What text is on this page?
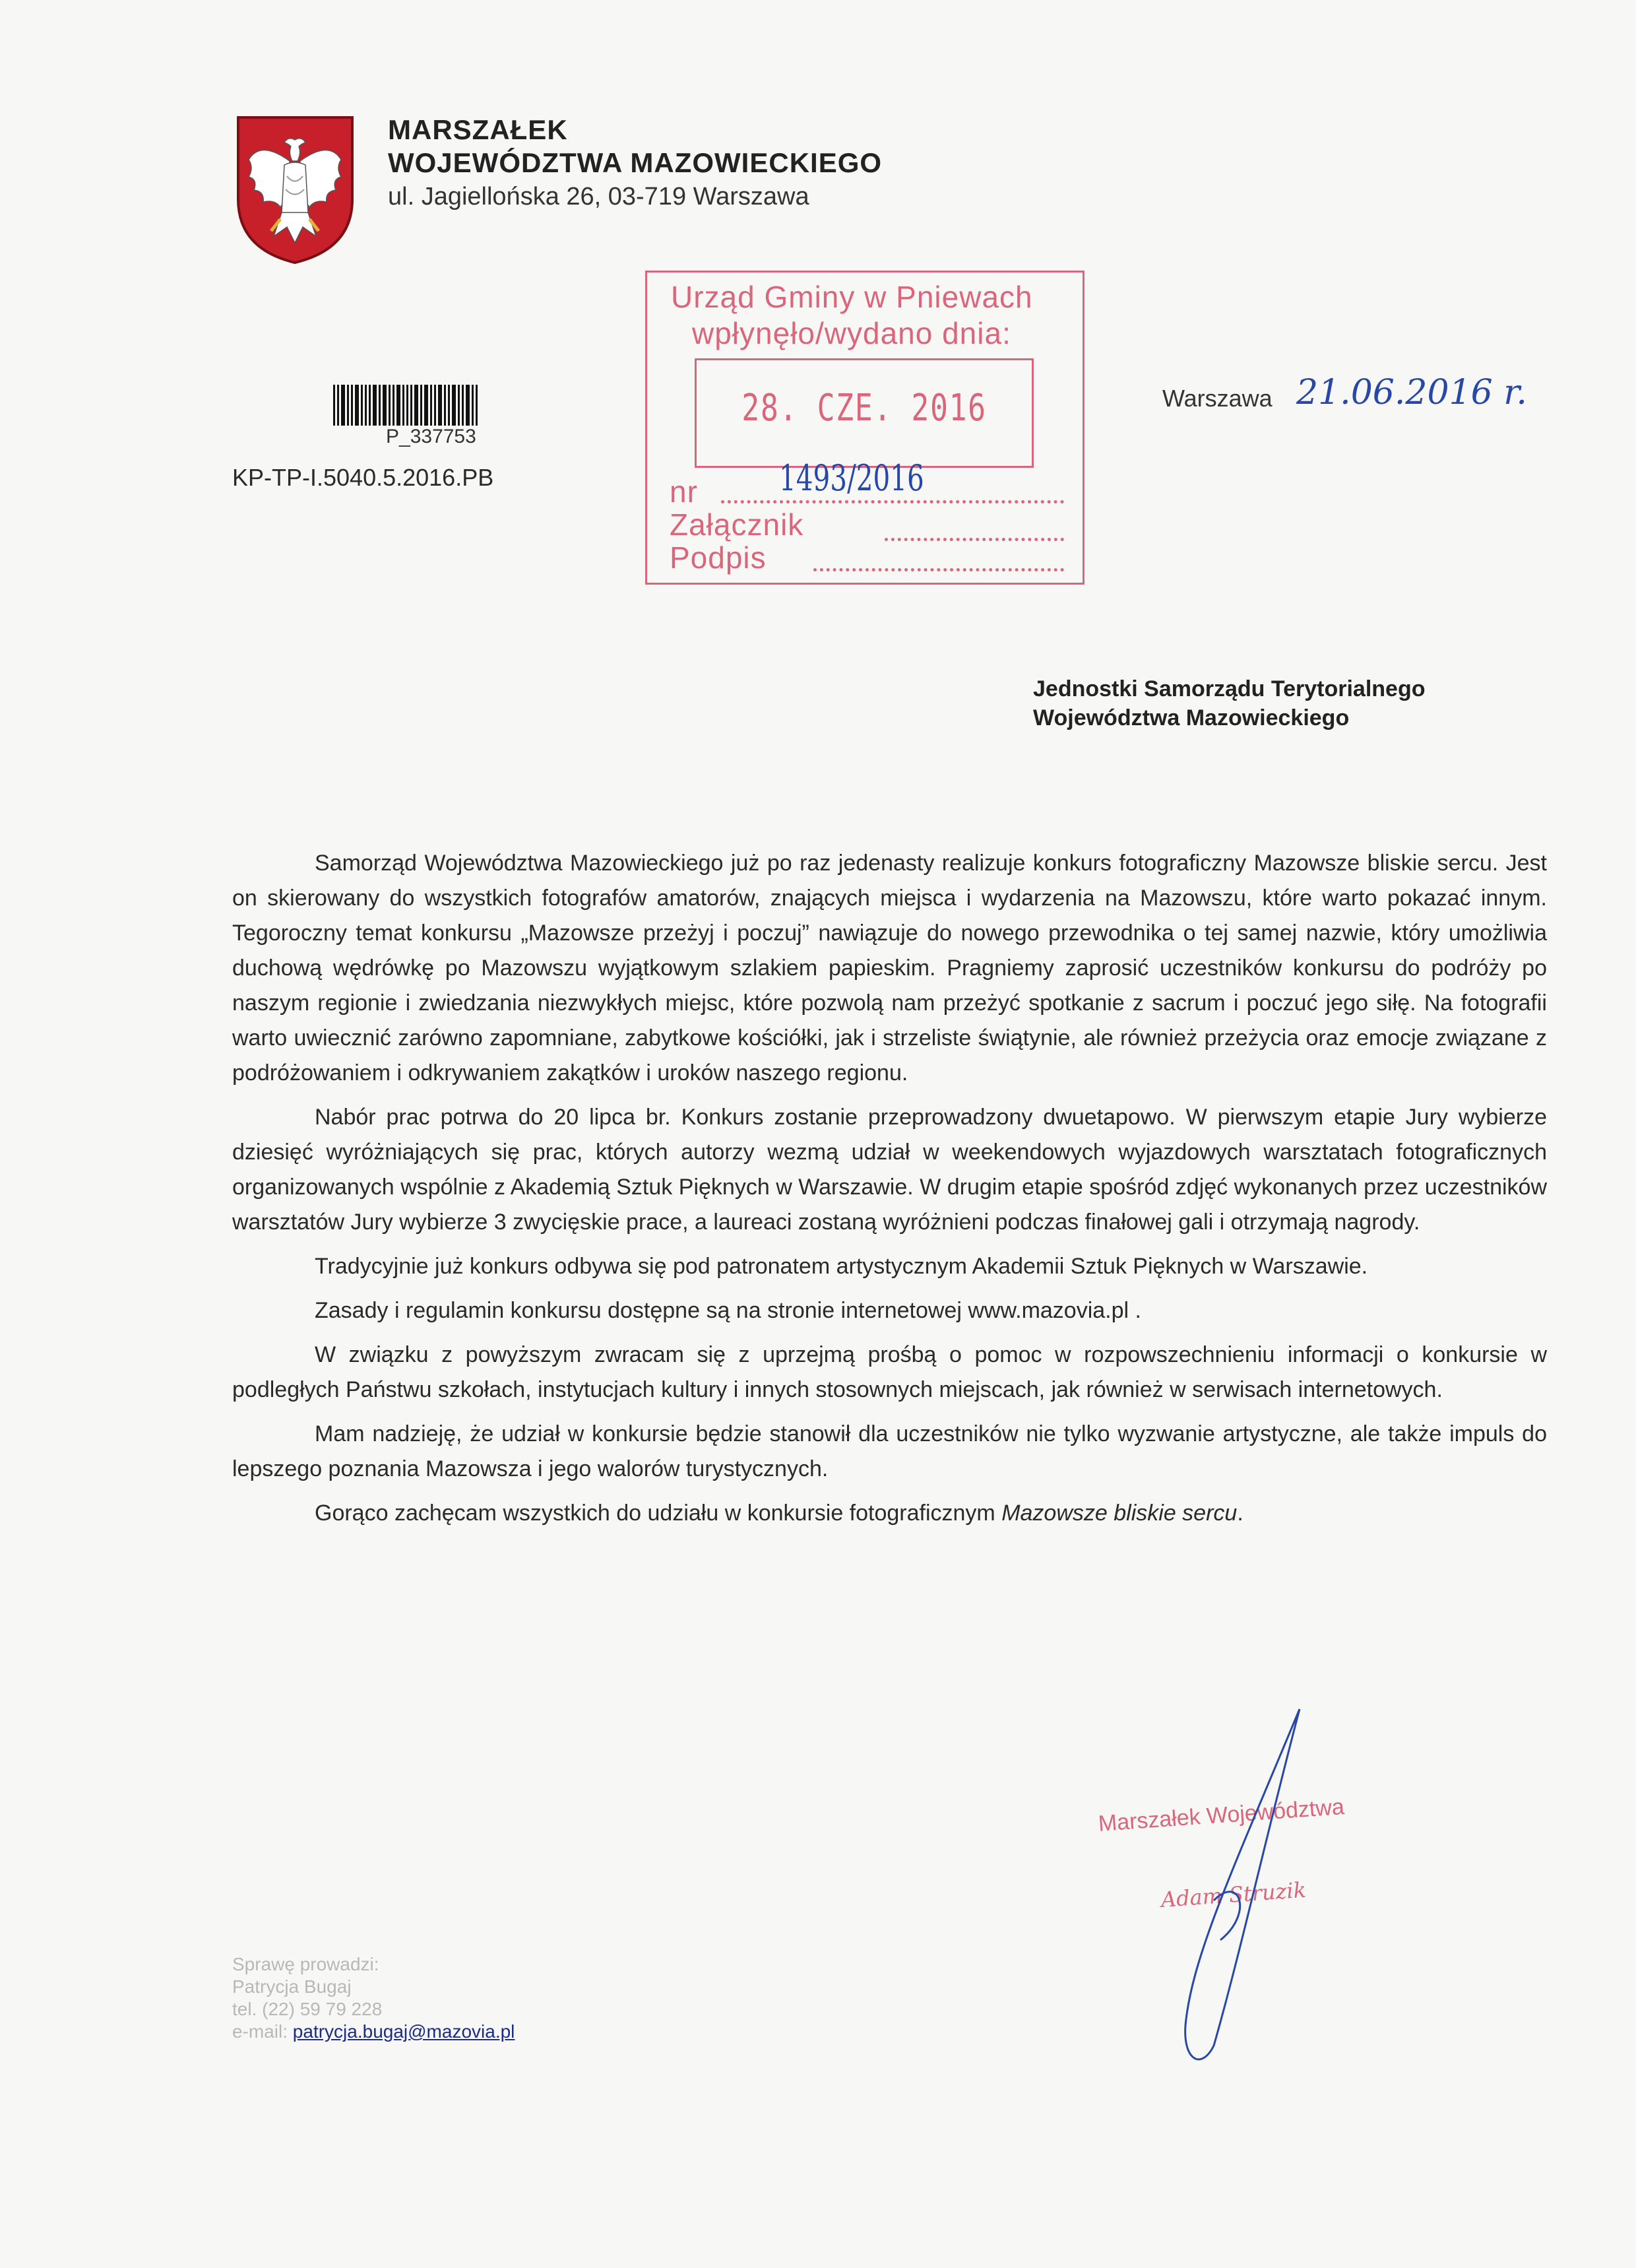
MARSZAŁEK
WOJEWÓDZTWA MAZOWIECKIEGO
ul. Jagiellońska 26, 03-719 Warszawa
P_337753
KP-TP-I.5040.5.2016.PB
Urząd Gminy w Pniewach
wpłynęło/wydano dnia:
28. CZE. 2016
nr 1493/2016
Załącznik
Podpis
Warszawa 21.06.2016 r.
Jednostki Samorządu Terytorialnego
Województwa Mazowieckiego

Samorząd Województwa Mazowieckiego już po raz jedenasty realizuje konkurs fotograficzny Mazowsze bliskie sercu. Jest on skierowany do wszystkich fotografów amatorów, znających miejsca i wydarzenia na Mazowszu, które warto pokazać innym. Tegoroczny temat konkursu „Mazowsze przeżyj i poczuj” nawiązuje do nowego przewodnika o tej samej nazwie, który umożliwia duchową wędrówkę po Mazowszu wyjątkowym szlakiem papieskim. Pragniemy zaprosić uczestników konkursu do podróży po naszym regionie i zwiedzania niezwykłych miejsc, które pozwolą nam przeżyć spotkanie z sacrum i poczuć jego siłę. Na fotografii warto uwiecznić zarówno zapomniane, zabytkowe kościółki, jak i strzeliste świątynie, ale również przeżycia oraz emocje związane z podróżowaniem i odkrywaniem zakątków i uroków naszego regionu.

Nabór prac potrwa do 20 lipca br. Konkurs zostanie przeprowadzony dwuetapowo. W pierwszym etapie Jury wybierze dziesięć wyróżniających się prac, których autorzy wezmą udział w weekendowych wyjazdowych warsztatach fotograficznych organizowanych wspólnie z Akademią Sztuk Pięknych w Warszawie. W drugim etapie spośród zdjęć wykonanych przez uczestników warsztatów Jury wybierze 3 zwycięskie prace, a laureaci zostaną wyróżnieni podczas finałowej gali i otrzymają nagrody.

Tradycyjnie już konkurs odbywa się pod patronatem artystycznym Akademii Sztuk Pięknych w Warszawie.

Zasady i regulamin konkursu dostępne są na stronie internetowej www.mazovia.pl .

W związku z powyższym zwracam się z uprzejmą prośbą o pomoc w rozpowszechnieniu informacji o konkursie w podległych Państwu szkołach, instytucjach kultury i innych stosownych miejscach, jak również w serwisach internetowych.

Mam nadzieję, że udział w konkursie będzie stanowił dla uczestników nie tylko wyzwanie artystyczne, ale także impuls do lepszego poznania Mazowsza i jego walorów turystycznych.

Gorąco zachęcam wszystkich do udziału w konkursie fotograficznym Mazowsze bliskie sercu.

Marszałek Województwa
Adam Struzik
Sprawę prowadzi:
Patrycja Bugaj
tel. (22) 59 79 228
e-mail: patrycja.bugaj@mazovia.pl
